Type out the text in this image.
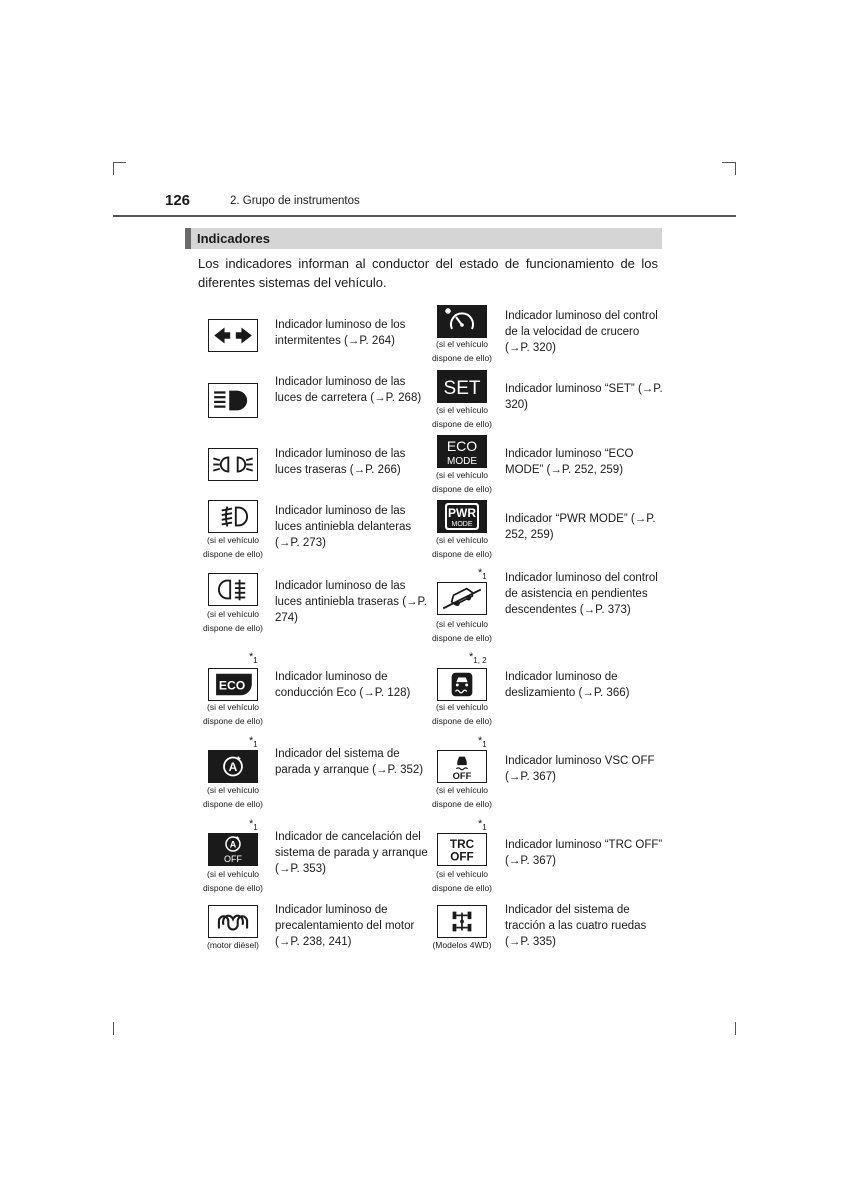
126	2. Grupo de instrumentos
Indicadores
Los indicadores informan al conductor del estado de funcionamiento de los diferentes sistemas del vehículo.
Indicador luminoso de los intermitentes (→P. 264)
Indicador luminoso de las luces de carretera (→P. 268)
Indicador luminoso de las luces traseras (→P. 266)
(si el vehículo dispone de ello)
Indicador luminoso de las luces antiniebla delanteras (→P. 273)
(si el vehículo dispone de ello)
Indicador luminoso de las luces antiniebla traseras (→P. 274)
$*_1$
ECO
(si el vehículo dispone de ello)
Indicador luminoso de conducción Eco (→P. 128)
$*_1$
A
(si el vehículo dispone de ello)
Indicador del sistema de parada y arranque (→P. 352)
$*_1$
A
OFF
(si el vehículo dispone de ello)
Indicador de cancelación del sistema de parada y arranque (→P. 353)
(motor diésel)
Indicador luminoso de precalentamiento del motor (→P. 238, 241)
(si el vehículo dispone de ello)
Indicador luminoso del control de la velocidad de crucero (→P. 320)
SET
(si el vehículo dispone de ello)
Indicador luminoso “SET” (→P. 320)
ECO
MODE
(si el vehículo dispone de ello)
Indicador luminoso “ECO MODE” (→P. 252, 259)
PWR
MODE
(si el vehículo dispone de ello)
Indicador “PWR MODE” (→P. 252, 259)
$*_1$
(si el vehículo dispone de ello)
Indicador luminoso del control de asistencia en pendientes descendentes (→P. 373)
$*_{1, 2}$
(si el vehículo dispone de ello)
Indicador luminoso de deslizamiento (→P. 366)
$*_1$
OFF
(si el vehículo dispone de ello)
Indicador luminoso VSC OFF (→P. 367)
$*_1$
TRC
OFF
(si el vehículo dispone de ello)
Indicador luminoso “TRC OFF” (→P. 367)
(Modelos 4WD)
Indicador del sistema de tracción a las cuatro ruedas (→P. 335)
